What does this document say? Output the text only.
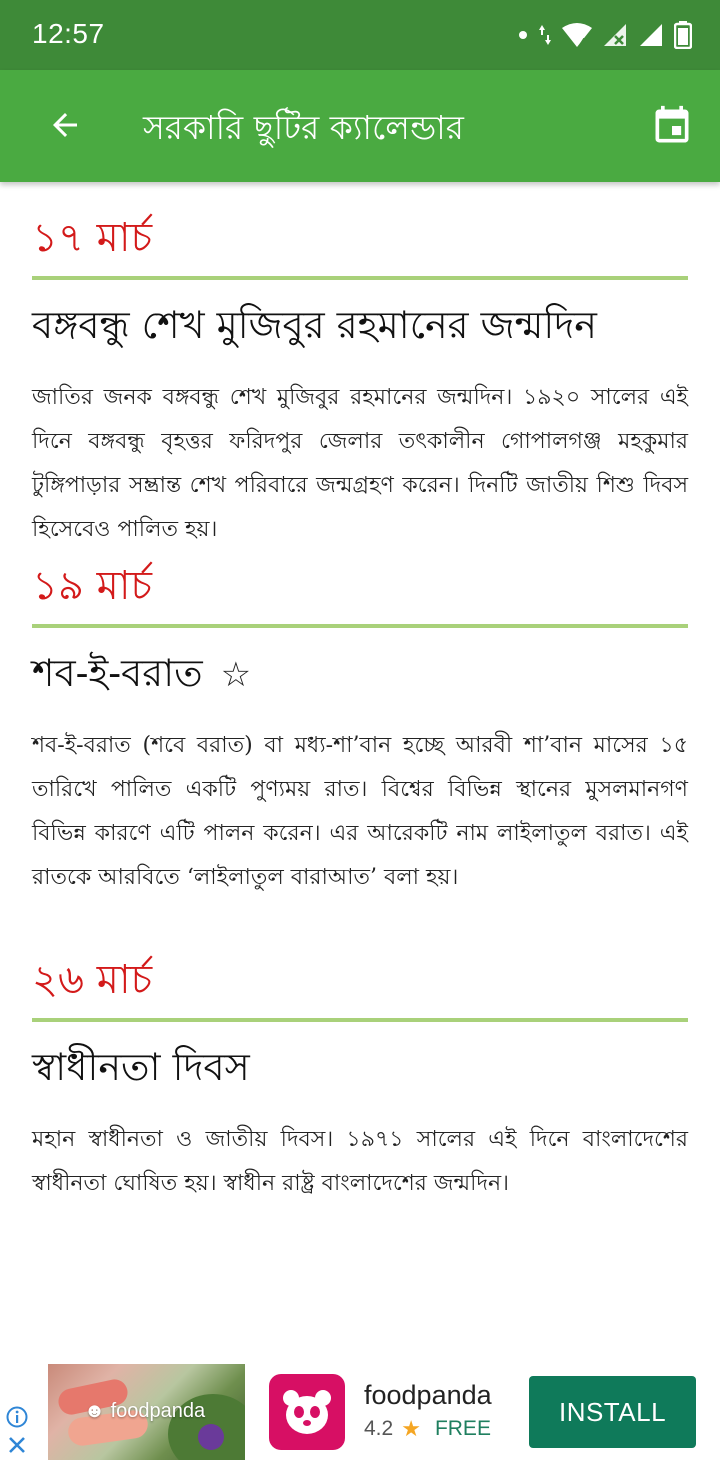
12:57	4
সরকারি ছুটির ক্যালেন্ডার
১৭ মার্চ
বঙ্গবন্ধু শেখ মুজিবুর রহমানের জন্মদিন
জাতির জনক বঙ্গবন্ধু শেখ মুজিবুর রহমানের জন্মদিন। ১৯২০ সালের এই দিনে বঙ্গবন্ধু বৃহত্তর ফরিদপুর জেলার তৎকালীন গোপালগঞ্জ মহকুমার টুঙ্গিপাড়ার সম্ভ্রান্ত শেখ পরিবারে জন্মগ্রহণ করেন। দিনটি জাতীয় শিশু দিবস হিসেবেও পালিত হয়।
১৯ মার্চ
শব-ই-বরাত ☆
শব-ই-বরাত (শবে বরাত) বা মধ্য-শা’বান হচ্ছে আরবী শা’বান মাসের ১৫ তারিখে পালিত একটি পুণ্যময় রাত। বিশ্বের বিভিন্ন স্থানের মুসলমানগণ বিভিন্ন কারণে এটি পালন করেন। এর আরেকটি নাম লাইলাতুল বরাত। এই রাতকে আরবিতে ‘লাইলাতুল বারাআত’ বলা হয়।
২৬ মার্চ
স্বাধীনতা দিবস
মহান স্বাধীনতা ও জাতীয় দিবস। ১৯৭১ সালের এই দিনে বাংলাদেশের স্বাধীনতা ঘোষিত হয়। স্বাধীন রাষ্ট্র বাংলাদেশের জন্মদিন।
☻ foodpanda
foodpanda
4.2 ★ FREE
INSTALL
